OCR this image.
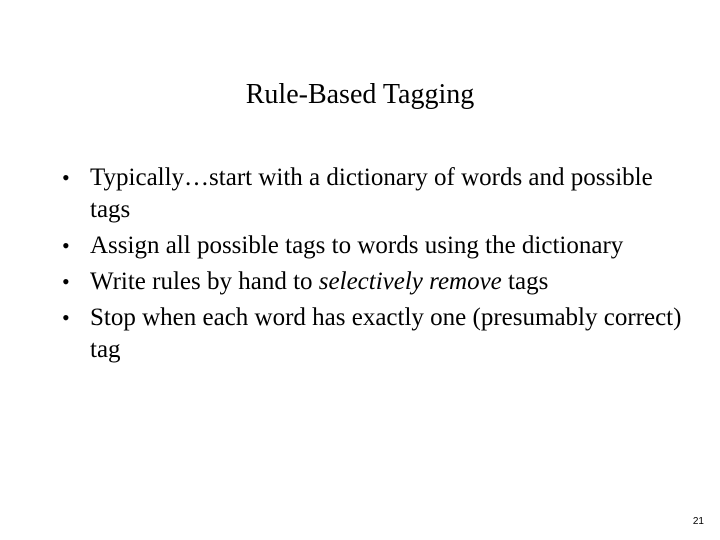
Rule-Based Tagging
• Typically…start with a dictionary of words and possible tags
• Assign all possible tags to words using the dictionary
• Write rules by hand to selectively remove tags
• Stop when each word has exactly one (presumably correct) tag
21
